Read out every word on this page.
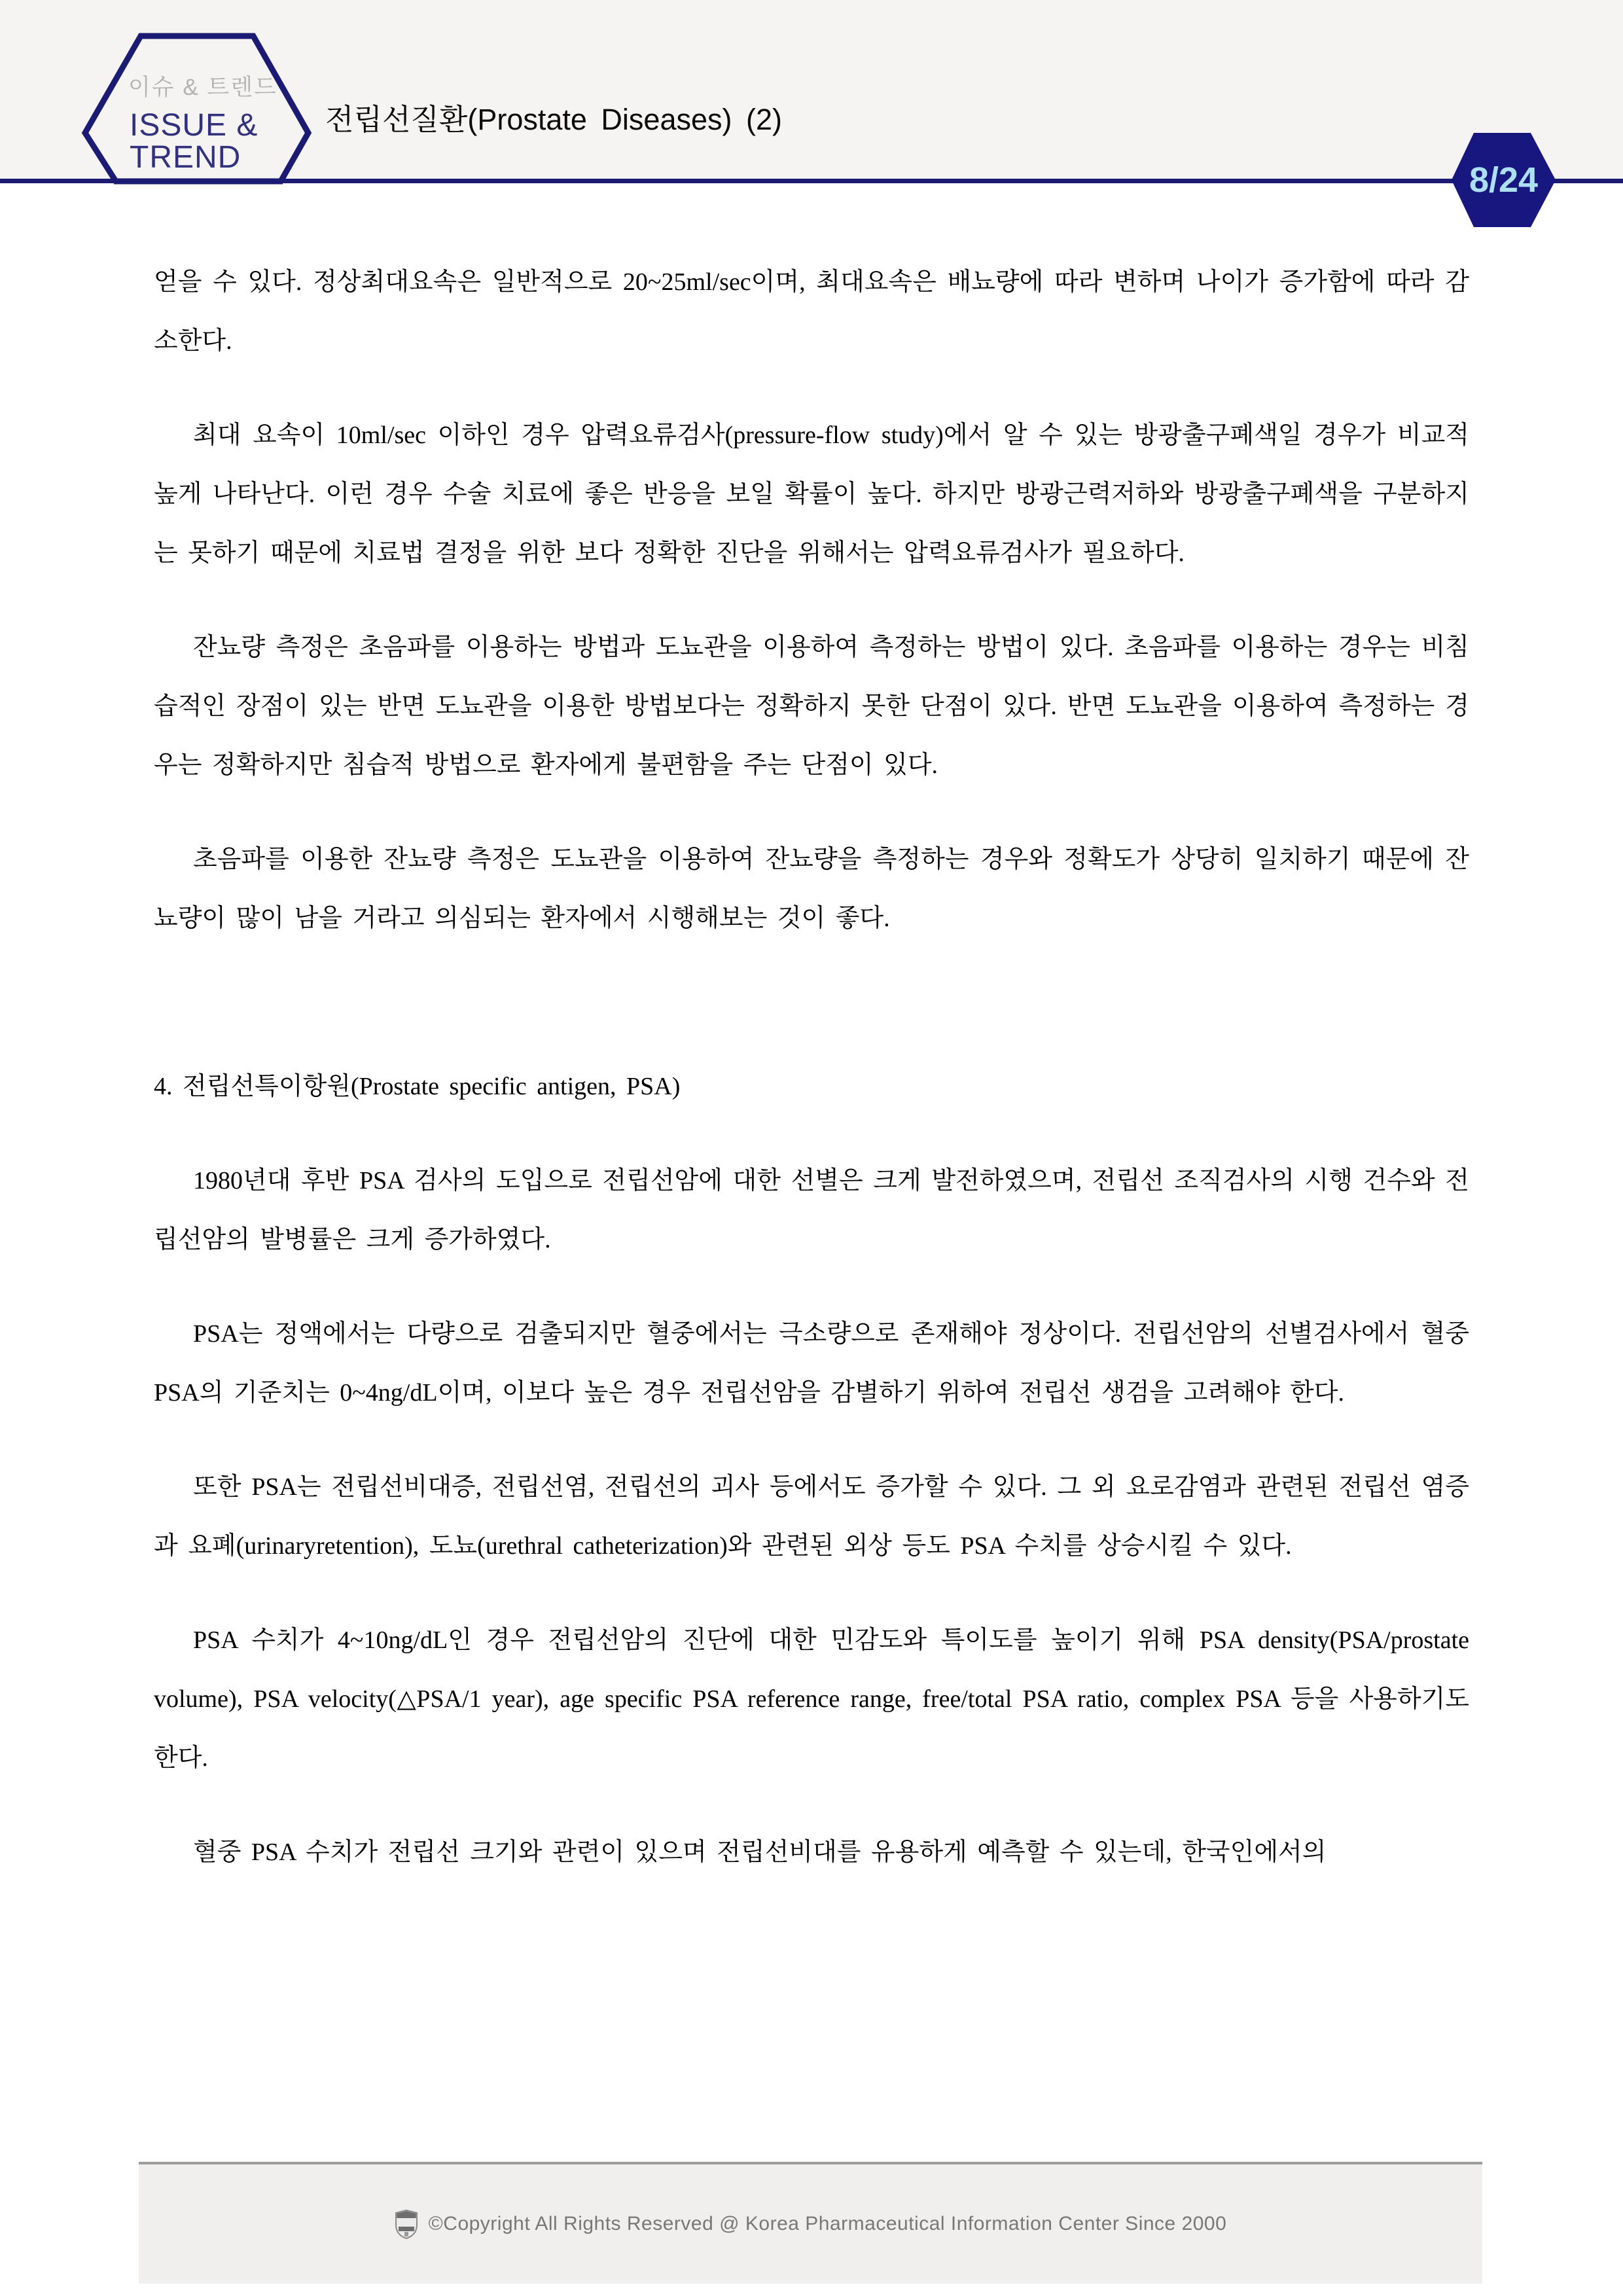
이슈 & 트렌드
ISSUE &
TREND
전립선질환(Prostate Diseases) (2)
8/24

얻을 수 있다. 정상최대요속은 일반적으로 20~25ml/sec이며, 최대요속은 배뇨량에 따라 변하며 나이가 증가함에 따라 감소한다.

최대 요속이 10ml/sec 이하인 경우 압력요류검사(pressure-flow study)에서 알 수 있는 방광출구폐색일 경우가 비교적 높게 나타난다. 이런 경우 수술 치료에 좋은 반응을 보일 확률이 높다. 하지만 방광근력저하와 방광출구폐색을 구분하지는 못하기 때문에 치료법 결정을 위한 보다 정확한 진단을 위해서는 압력요류검사가 필요하다.

잔뇨량 측정은 초음파를 이용하는 방법과 도뇨관을 이용하여 측정하는 방법이 있다. 초음파를 이용하는 경우는 비침습적인 장점이 있는 반면 도뇨관을 이용한 방법보다는 정확하지 못한 단점이 있다. 반면 도뇨관을 이용하여 측정하는 경우는 정확하지만 침습적 방법으로 환자에게 불편함을 주는 단점이 있다.

초음파를 이용한 잔뇨량 측정은 도뇨관을 이용하여 잔뇨량을 측정하는 경우와 정확도가 상당히 일치하기 때문에 잔뇨량이 많이 남을 거라고 의심되는 환자에서 시행해보는 것이 좋다.

4. 전립선특이항원(Prostate specific antigen, PSA)

1980년대 후반 PSA 검사의 도입으로 전립선암에 대한 선별은 크게 발전하였으며, 전립선 조직검사의 시행 건수와 전립선암의 발병률은 크게 증가하였다.

PSA는 정액에서는 다량으로 검출되지만 혈중에서는 극소량으로 존재해야 정상이다. 전립선암의 선별검사에서 혈중 PSA의 기준치는 0~4ng/dL이며, 이보다 높은 경우 전립선암을 감별하기 위하여 전립선 생검을 고려해야 한다.

또한 PSA는 전립선비대증, 전립선염, 전립선의 괴사 등에서도 증가할 수 있다. 그 외 요로감염과 관련된 전립선 염증과 요폐(urinaryretention), 도뇨(urethral catheterization)와 관련된 외상 등도 PSA 수치를 상승시킬 수 있다.

PSA 수치가 4~10ng/dL인 경우 전립선암의 진단에 대한 민감도와 특이도를 높이기 위해 PSA density(PSA/prostate volume), PSA velocity(△PSA/1 year), age specific PSA reference range, free/total PSA ratio, complex PSA 등을 사용하기도 한다.

혈중 PSA 수치가 전립선 크기와 관련이 있으며 전립선비대를 유용하게 예측할 수 있는데, 한국인에서의

©Copyright All Rights Reserved @ Korea Pharmaceutical Information Center Since 2000
